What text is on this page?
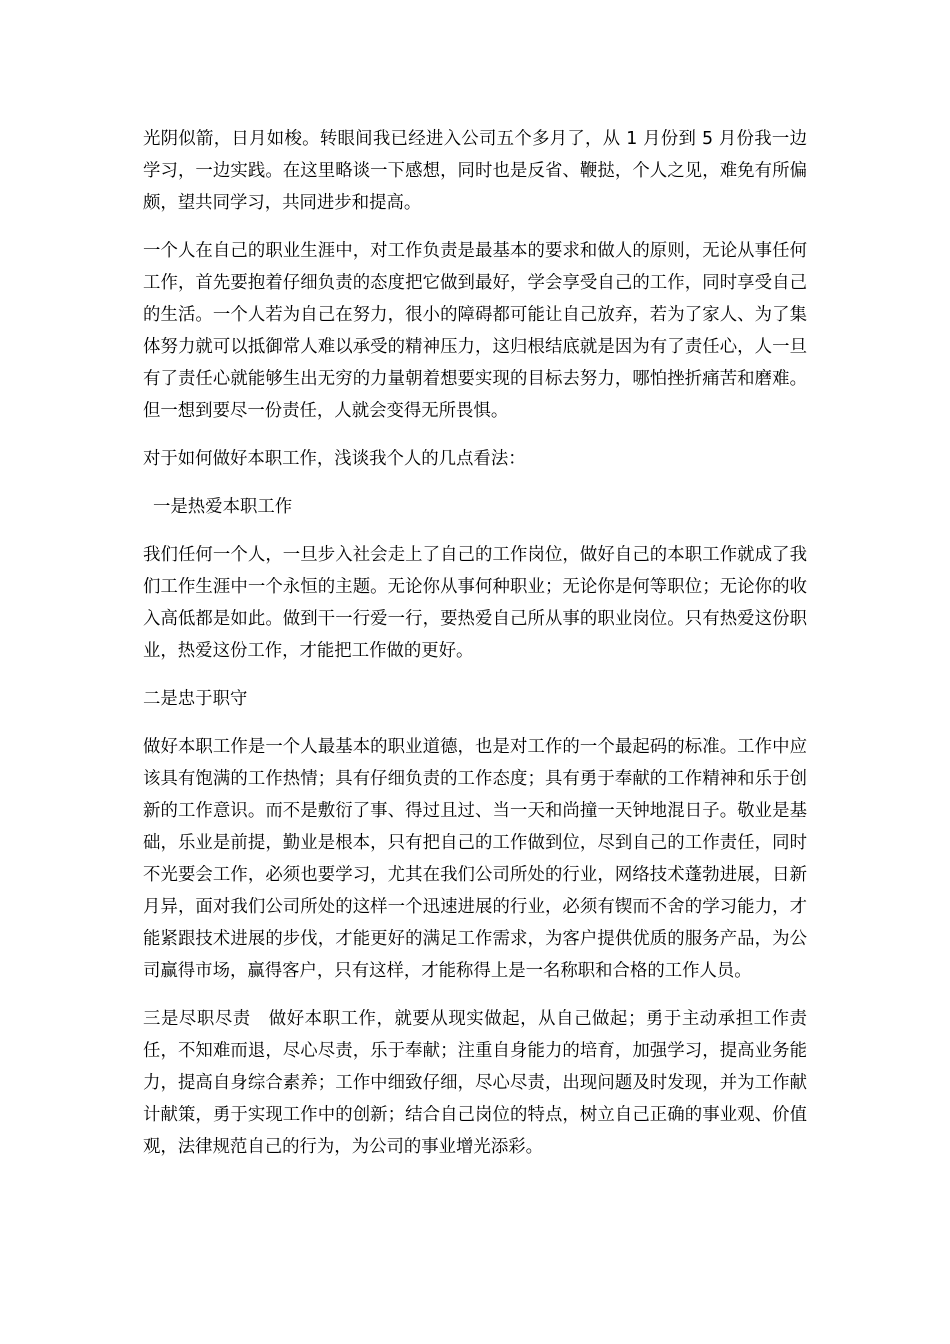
光阴似箭，日月如梭。转眼间我已经进入公司五个多月了，从 1 月份到 5 月份我一边学习，一边实践。在这里略谈一下感想，同时也是反省、鞭挞，个人之见，难免有所偏颇，望共同学习，共同进步和提高。

一个人在自己的职业生涯中，对工作负责是最基本的要求和做人的原则，无论从事任何工作，首先要抱着仔细负责的态度把它做到最好，学会享受自己的工作，同时享受自己的生活。一个人若为自己在努力，很小的障碍都可能让自己放弃，若为了家人、为了集体努力就可以抵御常人难以承受的精神压力，这归根结底就是因为有了责任心，人一旦有了责任心就能够生出无穷的力量朝着想要实现的目标去努力，哪怕挫折痛苦和磨难。但一想到要尽一份责任，人就会变得无所畏惧。

对于如何做好本职工作，浅谈我个人的几点看法：

一是热爱本职工作

我们任何一个人，一旦步入社会走上了自己的工作岗位，做好自己的本职工作就成了我们工作生涯中一个永恒的主题。无论你从事何种职业；无论你是何等职位；无论你的收入高低都是如此。做到干一行爱一行，要热爱自己所从事的职业岗位。只有热爱这份职业，热爱这份工作，才能把工作做的更好。

二是忠于职守

做好本职工作是一个人最基本的职业道德，也是对工作的一个最起码的标准。工作中应该具有饱满的工作热情；具有仔细负责的工作态度；具有勇于奉献的工作精神和乐于创新的工作意识。而不是敷衍了事、得过且过、当一天和尚撞一天钟地混日子。敬业是基础，乐业是前提，勤业是根本，只有把自己的工作做到位，尽到自己的工作责任，同时不光要会工作，必须也要学习，尤其在我们公司所处的行业，网络技术蓬勃进展，日新月异，面对我们公司所处的这样一个迅速进展的行业，必须有锲而不舍的学习能力，才能紧跟技术进展的步伐，才能更好的满足工作需求，为客户提供优质的服务产品，为公司赢得市场，赢得客户，只有这样，才能称得上是一名称职和合格的工作人员。

三是尽职尽责　做好本职工作，就要从现实做起，从自己做起；勇于主动承担工作责任，不知难而退，尽心尽责，乐于奉献；注重自身能力的培育，加强学习，提高业务能力，提高自身综合素养；工作中细致仔细，尽心尽责，出现问题及时发现，并为工作献计献策，勇于实现工作中的创新；结合自己岗位的特点，树立自己正确的事业观、价值观，法律规范自己的行为，为公司的事业增光添彩。
